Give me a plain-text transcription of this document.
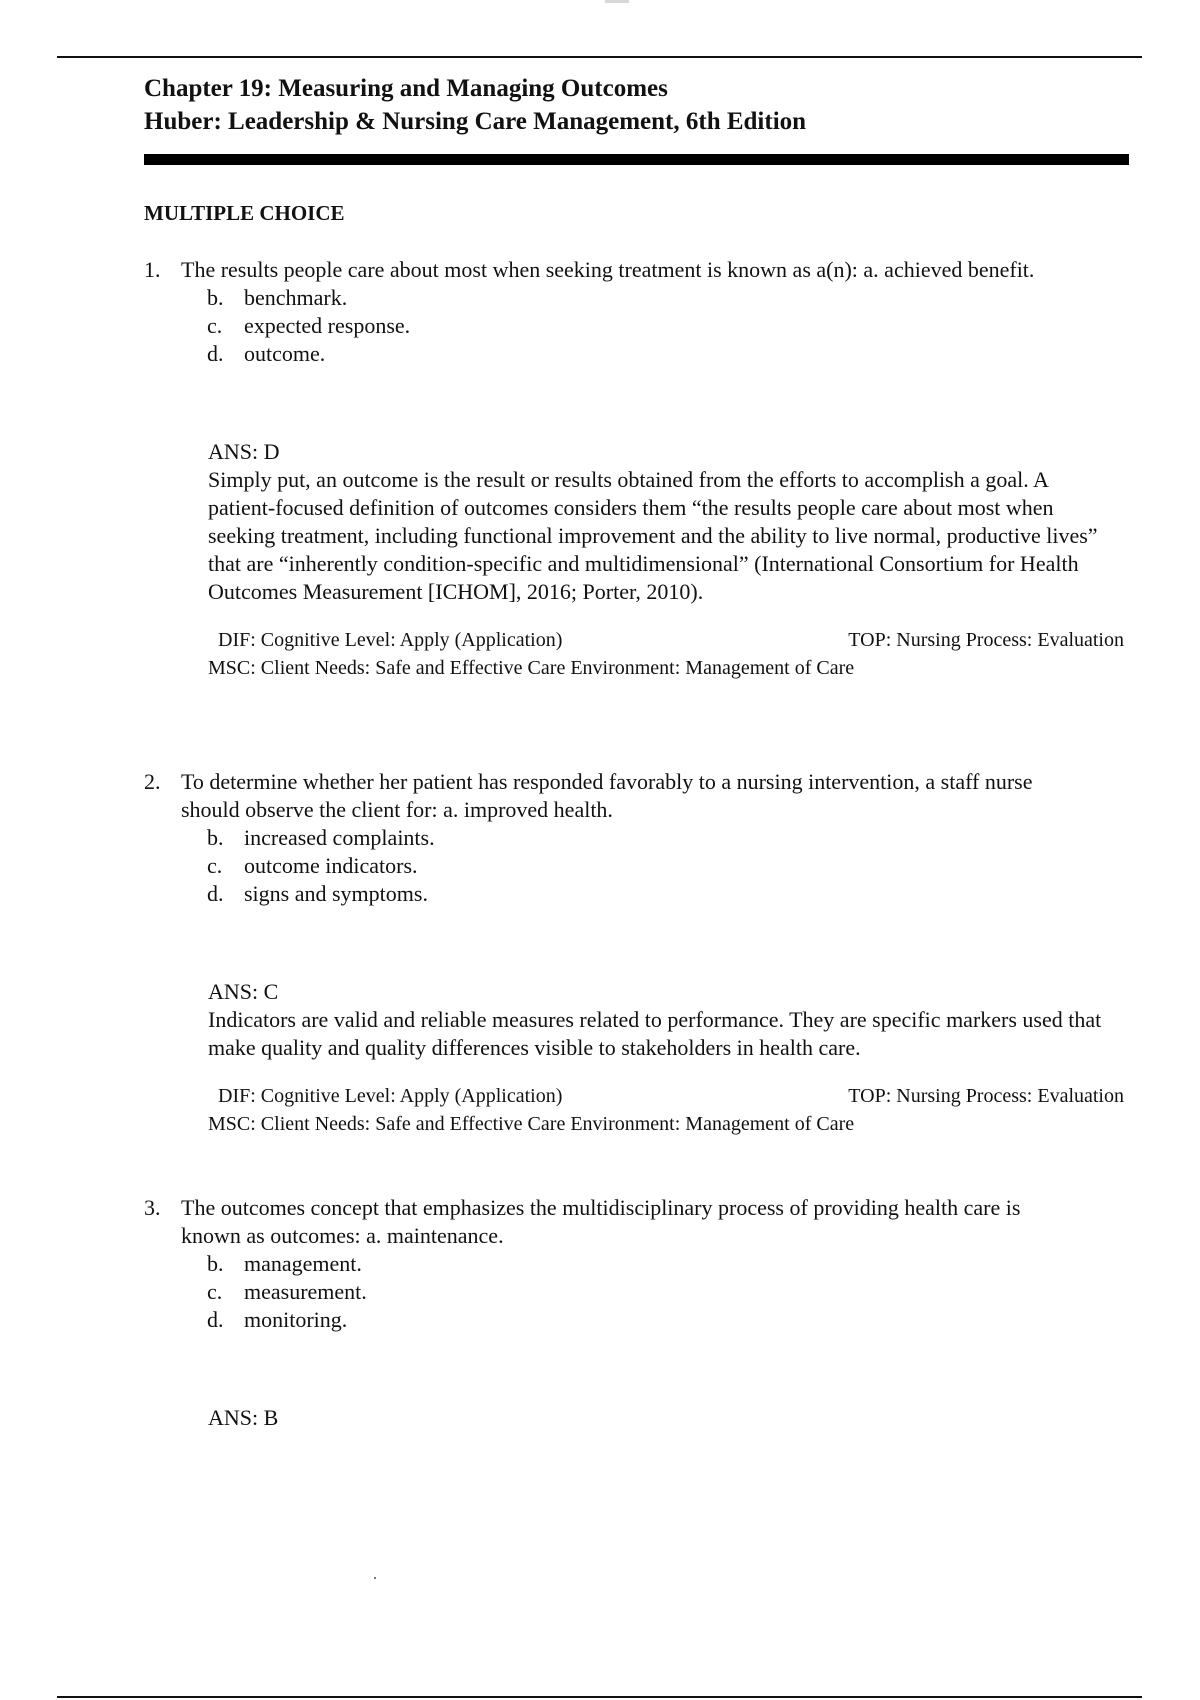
Chapter 19: Measuring and Managing Outcomes
Huber: Leadership & Nursing Care Management, 6th Edition
MULTIPLE CHOICE
1. The results people care about most when seeking treatment is known as a(n): a. achieved benefit.
b. benchmark.
c. expected response.
d. outcome.
ANS: D
Simply put, an outcome is the result or results obtained from the efforts to accomplish a goal. A patient-focused definition of outcomes considers them “the results people care about most when seeking treatment, including functional improvement and the ability to live normal, productive lives” that are “inherently condition-specific and multidimensional” (International Consortium for Health Outcomes Measurement [ICHOM], 2016; Porter, 2010).
DIF: Cognitive Level: Apply (Application)	TOP: Nursing Process: Evaluation
MSC: Client Needs: Safe and Effective Care Environment: Management of Care
2. To determine whether her patient has responded favorably to a nursing intervention, a staff nurse should observe the client for: a. improved health.
b. increased complaints.
c. outcome indicators.
d. signs and symptoms.
ANS: C
Indicators are valid and reliable measures related to performance. They are specific markers used that make quality and quality differences visible to stakeholders in health care.
DIF: Cognitive Level: Apply (Application)	TOP: Nursing Process: Evaluation
MSC: Client Needs: Safe and Effective Care Environment: Management of Care
3. The outcomes concept that emphasizes the multidisciplinary process of providing health care is known as outcomes: a. maintenance.
b. management.
c. measurement.
d. monitoring.
ANS: B
